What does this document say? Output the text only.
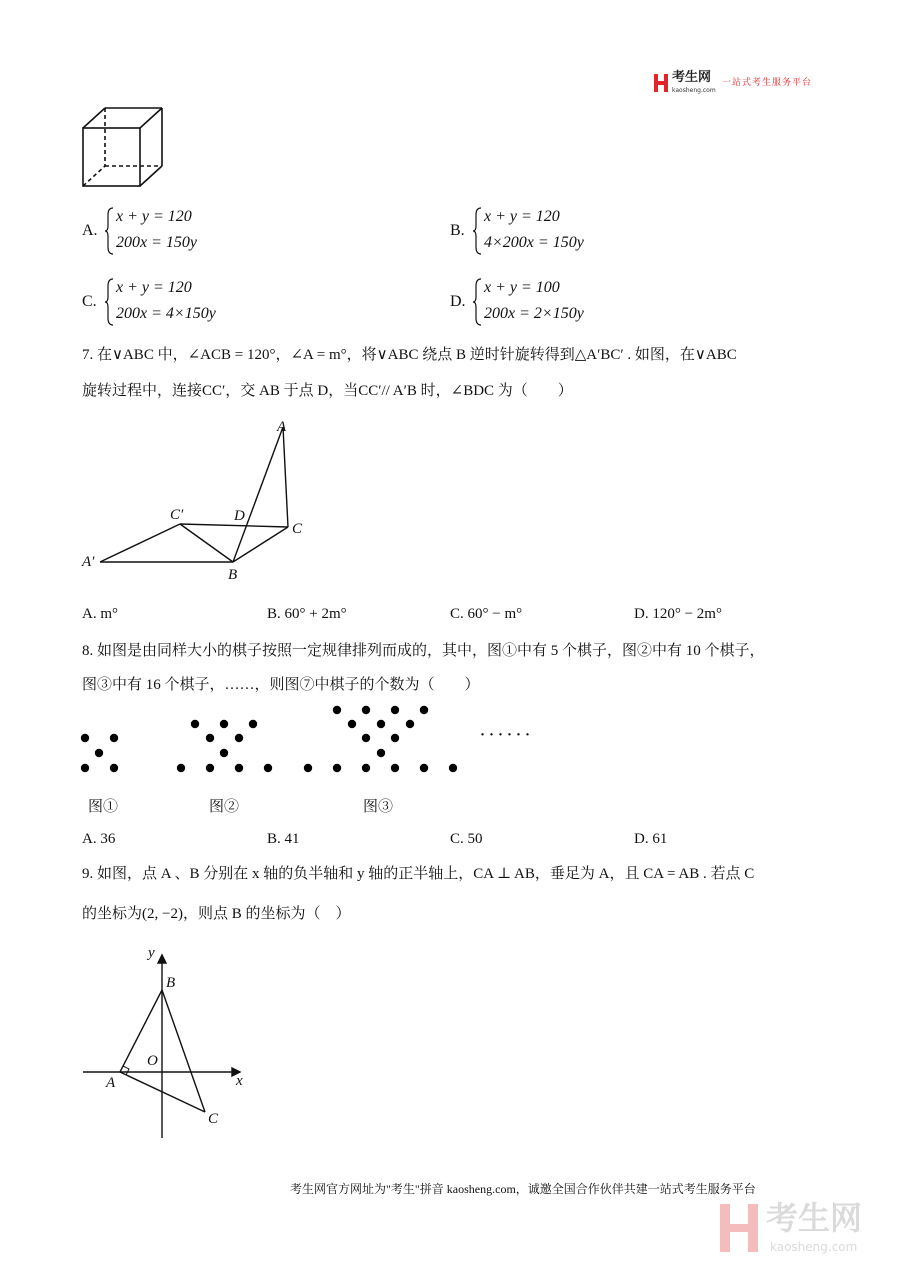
考生网
kaosheng.com
一站式考生服务平台
A.
x + y = 120
200x = 150y
B.
x + y = 120
4×200x = 150y
C.
x + y = 120
200x = 4×150y
D.
x + y = 100
200x = 2×150y
7. 在∨ABC 中，∠ACB = 120°，∠A = m°，将∨ABC 绕点 B 逆时针旋转得到△A′BC′ . 如图，在∨ABC
旋转过程中，连接CC′，交 AB 于点 D，当CC′// A′B 时，∠BDC 为（　　）
A
C
B
C′	D
A′
A. m°	B. 60° + 2m°	C. 60° − m°	D. 120° − 2m°
8. 如图是由同样大小的棋子按照一定规律排列而成的，其中，图①中有 5 个棋子，图②中有 10 个棋子，
图③中有 16 个棋子，……，则图⑦中棋子的个数为（　　）
······
图①	图②	图③
A. 36	B. 41	C. 50	D. 61
9. 如图，点 A 、B 分别在 x 轴的负半轴和 y 轴的正半轴上，CA ⊥ AB，垂足为 A，且 CA = AB . 若点 C
的坐标为(2, −2)，则点 B 的坐标为（　）
y
x
B
O
A
C
考生网官方网址为"考生"拼音 kaosheng.com，诚邀全国合作伙伴共建一站式考生服务平台
考生网
kaosheng.com
